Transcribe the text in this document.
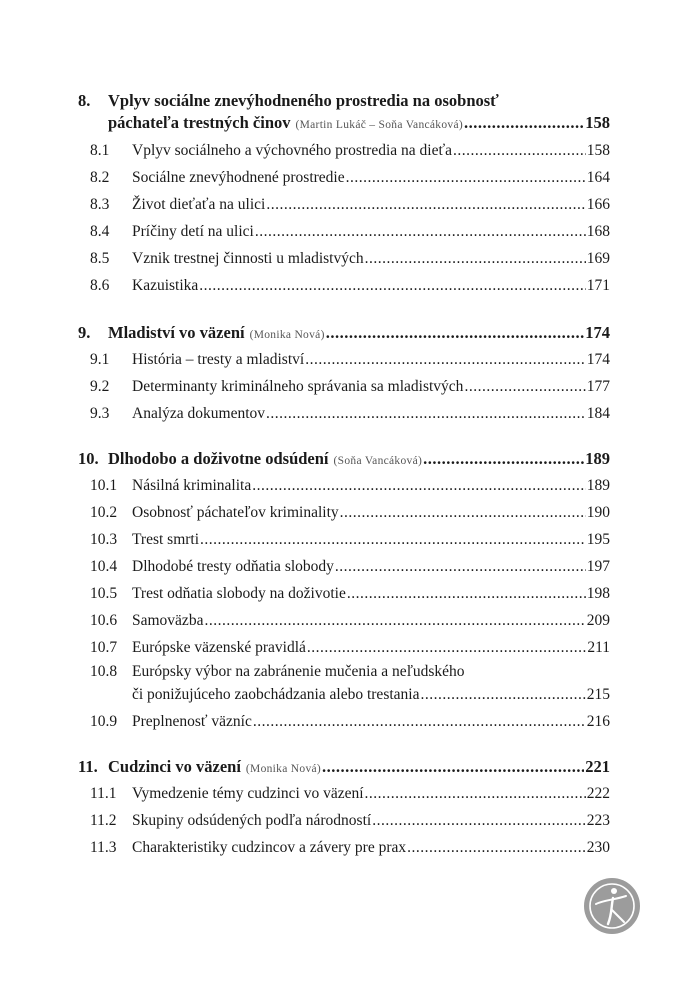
8. Vplyv sociálne znevýhodneného prostredia na osobnosť
páchateľa trestných činov (Martin Lukáč – Soňa Vancáková) .....	158
8.1 Vplyv sociálneho a výchovného prostredia na dieťa .....	158
8.2 Sociálne znevýhodnené prostredie .....	164
8.3 Život dieťaťa na ulici .....	166
8.4 Príčiny detí na ulici .....	168
8.5 Vznik trestnej činnosti u mladistvých .....	169
8.6 Kazuistika .....	171
9. Mladiství vo väzení (Monika Nová) .....	174
9.1 História – tresty a mladiství .....	174
9.2 Determinanty kriminálneho správania sa mladistvých .....	177
9.3 Analýza dokumentov .....	184
10. Dlhodobo a doživotne odsúdení (Soňa Vancáková) .....	189
10.1 Násilná kriminalita .....	189
10.2 Osobnosť páchateľov kriminality .....	190
10.3 Trest smrti .....	195
10.4 Dlhodobé tresty odňatia slobody .....	197
10.5 Trest odňatia slobody na doživotie .....	198
10.6 Samoväzba .....	209
10.7 Európske väzenské pravidlá .....	211
10.8 Európsky výbor na zabránenie mučenia a neľudského
či ponižujúceho zaobchádzania alebo trestania .....	215
10.9 Preplnenosť väzníc .....	216
11. Cudzinci vo väzení (Monika Nová) .....	221
11.1 Vymedzenie témy cudzinci vo väzení .....	222
11.2 Skupiny odsúdených podľa národností .....	223
11.3 Charakteristiky cudzincov a závery pre prax .....	230
